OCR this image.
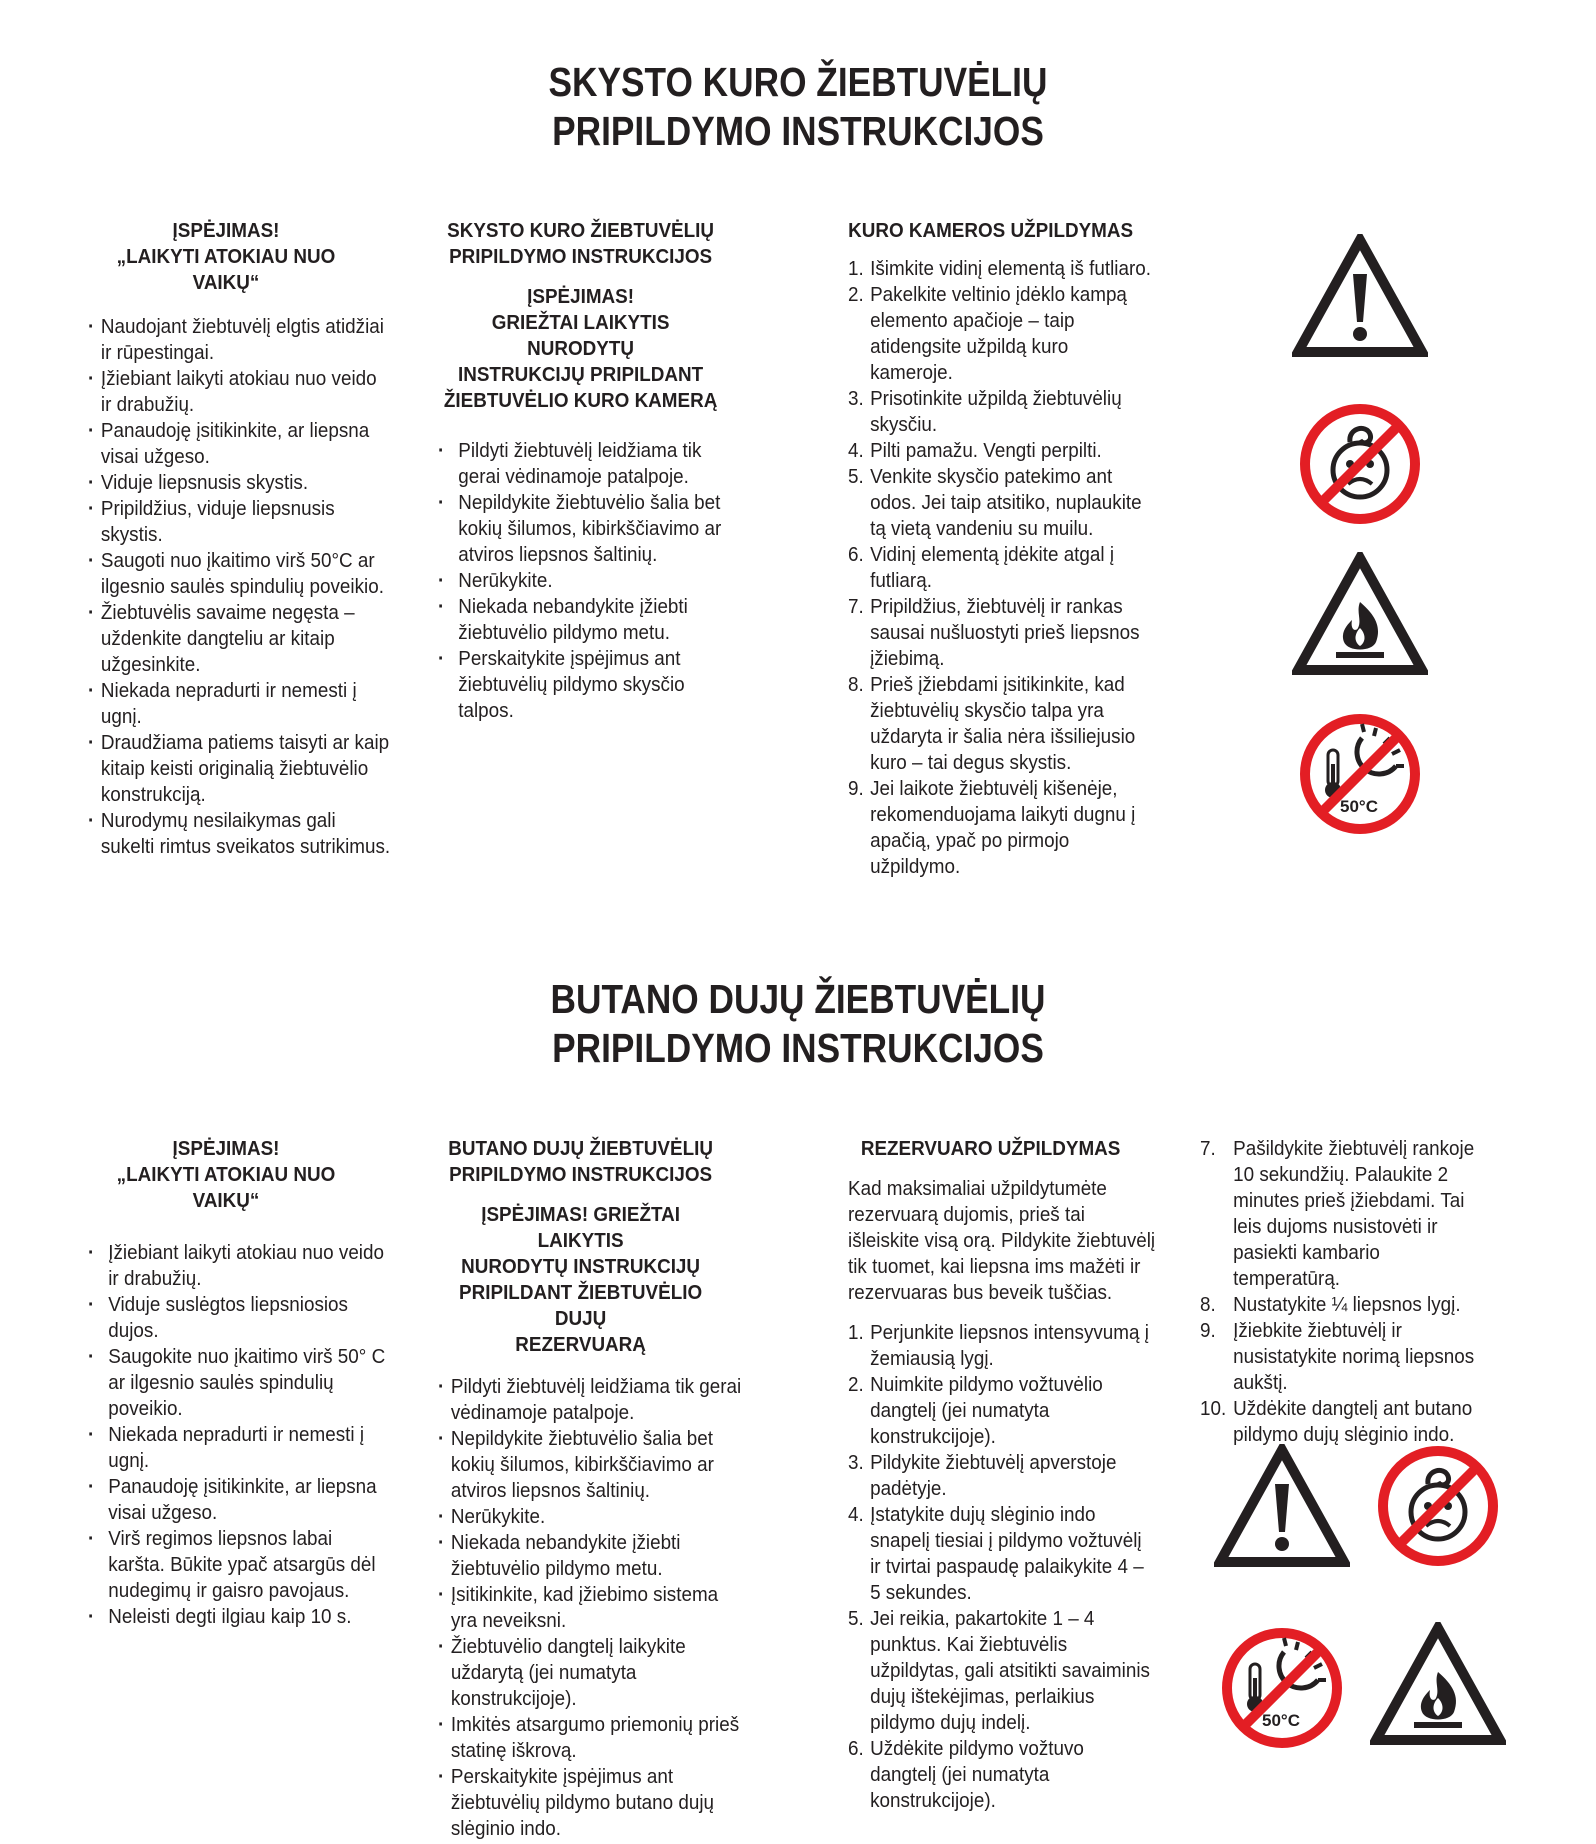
SKYSTO KURO ŽIEBTUVĖLIŲ
PRIPILDYMO INSTRUKCIJOS
ĮSPĖJIMAS!
„LAIKYTI ATOKIAU NUO VAIKŲ“
· Naudojant žiebtuvėlį elgtis atidžiai ir rūpestingai.
· Įžiebiant laikyti atokiau nuo veido ir drabužių.
· Panaudoję įsitikinkite, ar liepsna visai užgeso.
· Viduje liepsnusis skystis.
· Pripildžius, viduje liepsnusis skystis.
· Saugoti nuo įkaitimo virš 50°C ar ilgesnio saulės spindulių poveikio.
· Žiebtuvėlis savaime negęsta – uždenkite dangteliu ar kitaip užgesinkite.
· Niekada nepradurti ir nemesti į ugnį.
· Draudžiama patiems taisyti ar kaip kitaip keisti originalią žiebtuvėlio konstrukciją.
· Nurodymų nesilaikymas gali sukelti rimtus sveikatos sutrikimus.
SKYSTO KURO ŽIEBTUVĖLIŲ
PRIPILDYMO INSTRUKCIJOS
ĮSPĖJIMAS!
GRIEŽTAI LAIKYTIS NURODYTŲ
INSTRUKCIJŲ PRIPILDANT
ŽIEBTUVĖLIO KURO KAMERĄ
· Pildyti žiebtuvėlį leidžiama tik gerai vėdinamoje patalpoje.
· Nepildykite žiebtuvėlio šalia bet kokių šilumos, kibirkščiavimo ar atviros liepsnos šaltinių.
· Nerūkykite.
· Niekada nebandykite įžiebti žiebtuvėlio pildymo metu.
· Perskaitykite įspėjimus ant žiebtuvėlių pildymo skysčio talpos.
KURO KAMEROS UŽPILDYMAS
1. Išimkite vidinį elementą iš futliaro.
2. Pakelkite veltinio įdėklo kampą elemento apačioje – taip atidengsite užpildą kuro kameroje.
3. Prisotinkite užpildą žiebtuvėlių skysčiu.
4. Pilti pamažu. Vengti perpilti.
5. Venkite skysčio patekimo ant odos. Jei taip atsitiko, nuplaukite tą vietą vandeniu su muilu.
6. Vidinį elementą įdėkite atgal į futliarą.
7. Pripildžius, žiebtuvėlį ir rankas sausai nušluostyti prieš liepsnos įžiebimą.
8. Prieš įžiebdami įsitikinkite, kad žiebtuvėlių skysčio talpa yra uždaryta ir šalia nėra išsiliejusio kuro – tai degus skystis.
9. Jei laikote žiebtuvėlį kišenėje, rekomenduojama laikyti dugnu į apačią, ypač po pirmojo užpildymo.
50°C
BUTANO DUJŲ ŽIEBTUVĖLIŲ
PRIPILDYMO INSTRUKCIJOS
ĮSPĖJIMAS!
„LAIKYTI ATOKIAU NUO VAIKŲ“
· Įžiebiant laikyti atokiau nuo veido ir drabužių.
· Viduje suslėgtos liepsniosios dujos.
· Saugokite nuo įkaitimo virš 50° C ar ilgesnio saulės spindulių poveikio.
· Niekada nepradurti ir nemesti į ugnį.
· Panaudoję įsitikinkite, ar liepsna visai užgeso.
· Virš regimos liepsnos labai karšta. Būkite ypač atsargūs dėl nudegimų ir gaisro pavojaus.
· Neleisti degti ilgiau kaip 10 s.
BUTANO DUJŲ ŽIEBTUVĖLIŲ
PRIPILDYMO INSTRUKCIJOS
ĮSPĖJIMAS! GRIEŽTAI LAIKYTIS
NURODYTŲ INSTRUKCIJŲ
PRIPILDANT ŽIEBTUVĖLIO DUJŲ
REZERVUARĄ
· Pildyti žiebtuvėlį leidžiama tik gerai vėdinamoje patalpoje.
· Nepildykite žiebtuvėlio šalia bet kokių šilumos, kibirkščiavimo ar atviros liepsnos šaltinių.
· Nerūkykite.
· Niekada nebandykite įžiebti žiebtuvėlio pildymo metu.
· Įsitikinkite, kad įžiebimo sistema yra neveiksni.
· Žiebtuvėlio dangtelį laikykite uždarytą (jei numatyta konstrukcijoje).
· Imkitės atsargumo priemonių prieš statinę iškrovą.
· Perskaitykite įspėjimus ant žiebtuvėlių pildymo butano dujų slėginio indo.
REZERVUARO UŽPILDYMAS

Kad maksimaliai užpildytumėte rezervuarą dujomis, prieš tai išleiskite visą orą. Pildykite žiebtuvėlį tik tuomet, kai liepsna ims mažėti ir rezervuaras bus beveik tuščias.

1. Perjunkite liepsnos intensyvumą į žemiausią lygį.
2. Nuimkite pildymo vožtuvėlio dangtelį (jei numatyta konstrukcijoje).
3. Pildykite žiebtuvėlį apverstoje padėtyje.
4. Įstatykite dujų slėginio indo snapelį tiesiai į pildymo vožtuvėlį ir tvirtai paspaudę palaikykite 4 – 5 sekundes.
5. Jei reikia, pakartokite 1 – 4 punktus. Kai žiebtuvėlis užpildytas, gali atsitikti savaiminis dujų ištekėjimas, perlaikius pildymo dujų indelį.
6. Uždėkite pildymo vožtuvo dangtelį (jei numatyta konstrukcijoje).
7. Pašildykite žiebtuvėlį rankoje 10 sekundžių. Palaukite 2 minutes prieš įžiebdami. Tai leis dujoms nusistovėti ir pasiekti kambario temperatūrą.
8. Nustatykite ¼ liepsnos lygį.
9. Įžiebkite žiebtuvėlį ir nusistatykite norimą liepsnos aukštį.
10. Uždėkite dangtelį ant butano pildymo dujų slėginio indo.
50°C
